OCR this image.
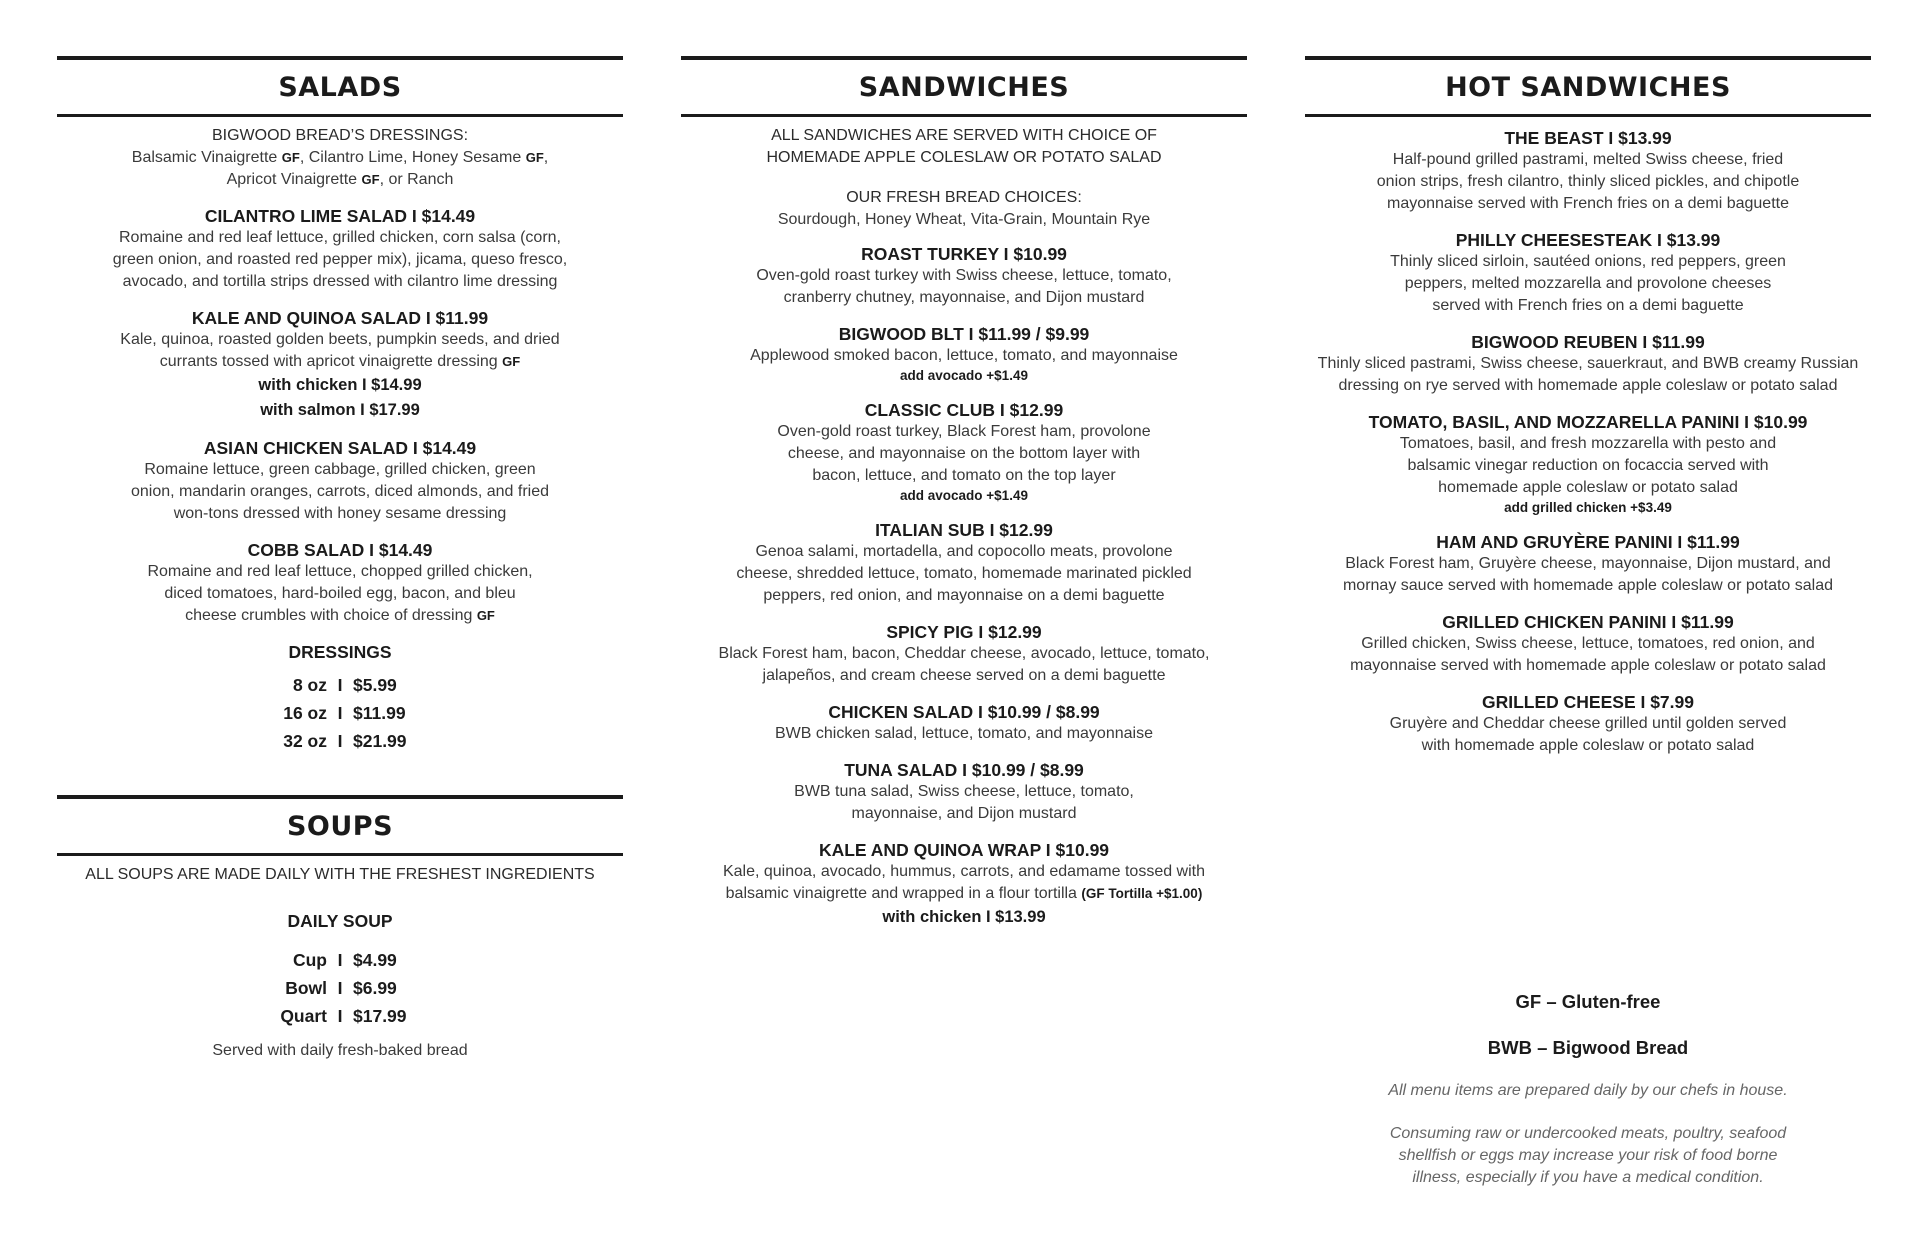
SALADS
BIGWOOD BREAD’S DRESSINGS:
Balsamic Vinaigrette GF, Cilantro Lime, Honey Sesame GF,
Apricot Vinaigrette GF, or Ranch
CILANTRO LIME SALAD I $14.49
Romaine and red leaf lettuce, grilled chicken, corn salsa (corn,
green onion, and roasted red pepper mix), jicama, queso fresco,
avocado, and tortilla strips dressed with cilantro lime dressing
KALE AND QUINOA SALAD I $11.99
Kale, quinoa, roasted golden beets, pumpkin seeds, and dried
currants tossed with apricot vinaigrette dressing GF
with chicken I $14.99
with salmon I $17.99
ASIAN CHICKEN SALAD I $14.49
Romaine lettuce, green cabbage, grilled chicken, green
onion, mandarin oranges, carrots, diced almonds, and fried
won-tons dressed with honey sesame dressing
COBB SALAD I $14.49
Romaine and red leaf lettuce, chopped grilled chicken,
diced tomatoes, hard-boiled egg, bacon, and bleu
cheese crumbles with choice of dressing GF
DRESSINGS
8 oz I $5.99
16 oz I $11.99
32 oz I $21.99
SOUPS
ALL SOUPS ARE MADE DAILY WITH THE FRESHEST INGREDIENTS
DAILY SOUP
Cup I $4.99
Bowl I $6.99
Quart I $17.99
Served with daily fresh-baked bread
SANDWICHES
ALL SANDWICHES ARE SERVED WITH CHOICE OF
HOMEMADE APPLE COLESLAW OR POTATO SALAD
OUR FRESH BREAD CHOICES:
Sourdough, Honey Wheat, Vita-Grain, Mountain Rye
ROAST TURKEY I $10.99
Oven-gold roast turkey with Swiss cheese, lettuce, tomato,
cranberry chutney, mayonnaise, and Dijon mustard
BIGWOOD BLT I $11.99 / $9.99
Applewood smoked bacon, lettuce, tomato, and mayonnaise
add avocado +$1.49
CLASSIC CLUB I $12.99
Oven-gold roast turkey, Black Forest ham, provolone
cheese, and mayonnaise on the bottom layer with
bacon, lettuce, and tomato on the top layer
add avocado +$1.49
ITALIAN SUB I $12.99
Genoa salami, mortadella, and copocollo meats, provolone
cheese, shredded lettuce, tomato, homemade marinated pickled
peppers, red onion, and mayonnaise on a demi baguette
SPICY PIG I $12.99
Black Forest ham, bacon, Cheddar cheese, avocado, lettuce, tomato,
jalapeños, and cream cheese served on a demi baguette
CHICKEN SALAD I $10.99 / $8.99
BWB chicken salad, lettuce, tomato, and mayonnaise
TUNA SALAD I $10.99 / $8.99
BWB tuna salad, Swiss cheese, lettuce, tomato,
mayonnaise, and Dijon mustard
KALE AND QUINOA WRAP I $10.99
Kale, quinoa, avocado, hummus, carrots, and edamame tossed with
balsamic vinaigrette and wrapped in a flour tortilla (GF Tortilla +$1.00)
with chicken I $13.99
HOT SANDWICHES
THE BEAST I $13.99
Half-pound grilled pastrami, melted Swiss cheese, fried
onion strips, fresh cilantro, thinly sliced pickles, and chipotle
mayonnaise served with French fries on a demi baguette
PHILLY CHEESESTEAK I $13.99
Thinly sliced sirloin, sautéed onions, red peppers, green
peppers, melted mozzarella and provolone cheeses
served with French fries on a demi baguette
BIGWOOD REUBEN I $11.99
Thinly sliced pastrami, Swiss cheese, sauerkraut, and BWB creamy Russian
dressing on rye served with homemade apple coleslaw or potato salad
TOMATO, BASIL, AND MOZZARELLA PANINI I $10.99
Tomatoes, basil, and fresh mozzarella with pesto and
balsamic vinegar reduction on focaccia served with
homemade apple coleslaw or potato salad
add grilled chicken +$3.49
HAM AND GRUYÈRE PANINI I $11.99
Black Forest ham, Gruyère cheese, mayonnaise, Dijon mustard, and
mornay sauce served with homemade apple coleslaw or potato salad
GRILLED CHICKEN PANINI I $11.99
Grilled chicken, Swiss cheese, lettuce, tomatoes, red onion, and
mayonnaise served with homemade apple coleslaw or potato salad
GRILLED CHEESE I $7.99
Gruyère and Cheddar cheese grilled until golden served
with homemade apple coleslaw or potato salad
GF – Gluten-free
BWB – Bigwood Bread
All menu items are prepared daily by our chefs in house.
Consuming raw or undercooked meats, poultry, seafood
shellfish or eggs may increase your risk of food borne
illness, especially if you have a medical condition.
